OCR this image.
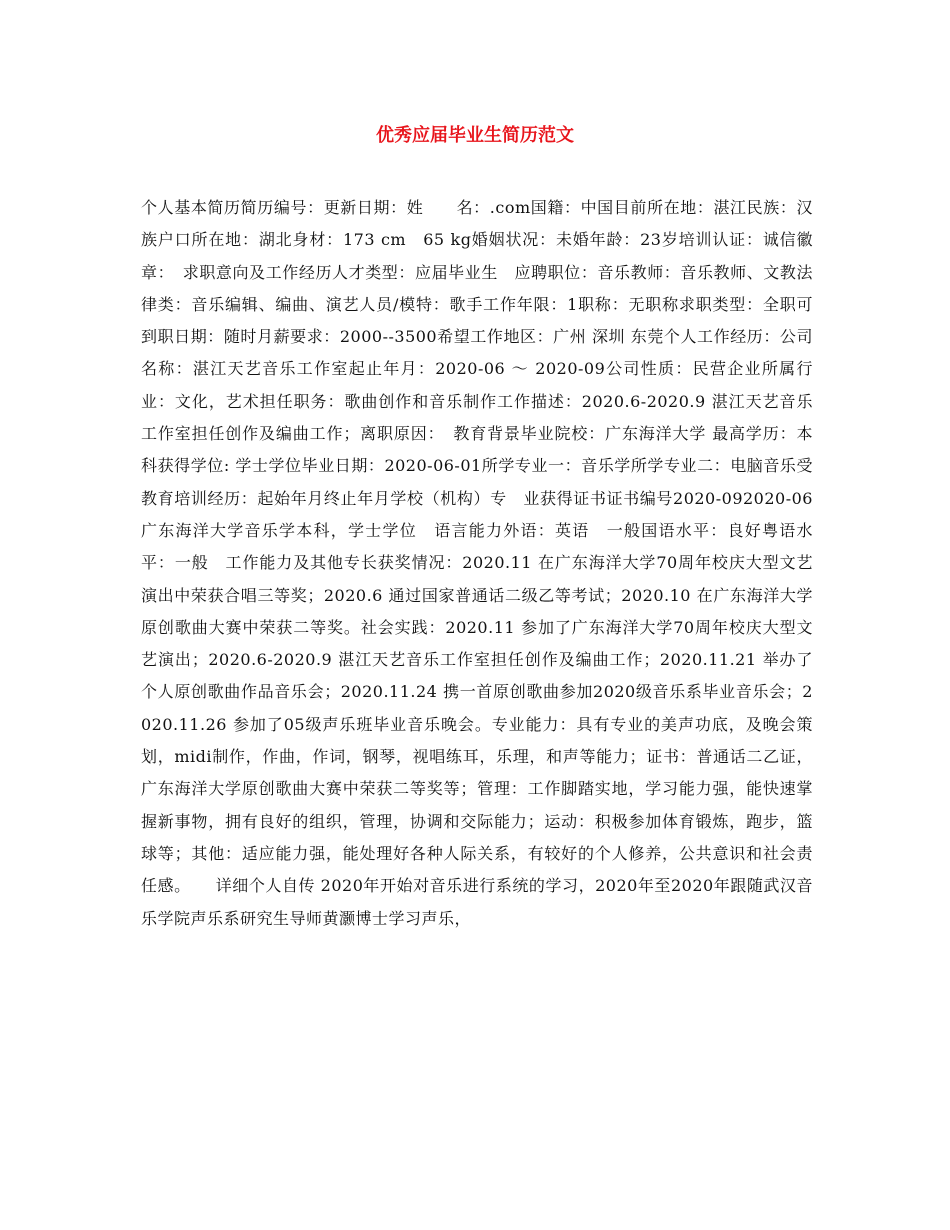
优秀应届毕业生简历范文

个人基本简历简历编号：更新日期：姓　　名：.com国籍：中国目前所在地：湛江民族：汉族户口所在地：湖北身材：173 cm　65 kg婚姻状况：未婚年龄：23岁培训认证：诚信徽章：　求职意向及工作经历人才类型：应届毕业生　应聘职位：音乐教师：音乐教师、文教法律类：音乐编辑、编曲、演艺人员/模特：歌手工作年限：1职称：无职称求职类型：全职可到职日期：随时月薪要求：2000--3500希望工作地区：广州 深圳 东莞个人工作经历：公司名称：湛江天艺音乐工作室起止年月：2020-06 ～ 2020-09公司性质：民营企业所属行业：文化，艺术担任职务：歌曲创作和音乐制作工作描述：2020.6-2020.9 湛江天艺音乐工作室担任创作及编曲工作；离职原因：　教育背景毕业院校：广东海洋大学 最高学历：本科获得学位: 学士学位毕业日期：2020-06-01所学专业一：音乐学所学专业二：电脑音乐受教育培训经历：起始年月终止年月学校（机构）专　业获得证书证书编号2020-092020-06广东海洋大学音乐学本科，学士学位　语言能力外语：英语　一般国语水平：良好粤语水平：一般　工作能力及其他专长获奖情况：2020.11 在广东海洋大学70周年校庆大型文艺演出中荣获合唱三等奖；2020.6 通过国家普通话二级乙等考试；2020.10 在广东海洋大学原创歌曲大赛中荣获二等奖。社会实践：2020.11 参加了广东海洋大学70周年校庆大型文艺演出；2020.6-2020.9 湛江天艺音乐工作室担任创作及编曲工作；2020.11.21 举办了个人原创歌曲作品音乐会；2020.11.24 携一首原创歌曲参加2020级音乐系毕业音乐会；2020.11.26 参加了05级声乐班毕业音乐晚会。专业能力：具有专业的美声功底，及晚会策划，midi制作，作曲，作词，钢琴，视唱练耳，乐理，和声等能力；证书：普通话二乙证，广东海洋大学原创歌曲大赛中荣获二等奖等；管理：工作脚踏实地，学习能力强，能快速掌握新事物，拥有良好的组织，管理，协调和交际能力；运动：积极参加体育锻炼，跑步，篮球等；其他：适应能力强，能处理好各种人际关系，有较好的个人修养，公共意识和社会责任感。　　详细个人自传 2020年开始对音乐进行系统的学习，2020年至2020年跟随武汉音乐学院声乐系研究生导师黄灏博士学习声乐，
